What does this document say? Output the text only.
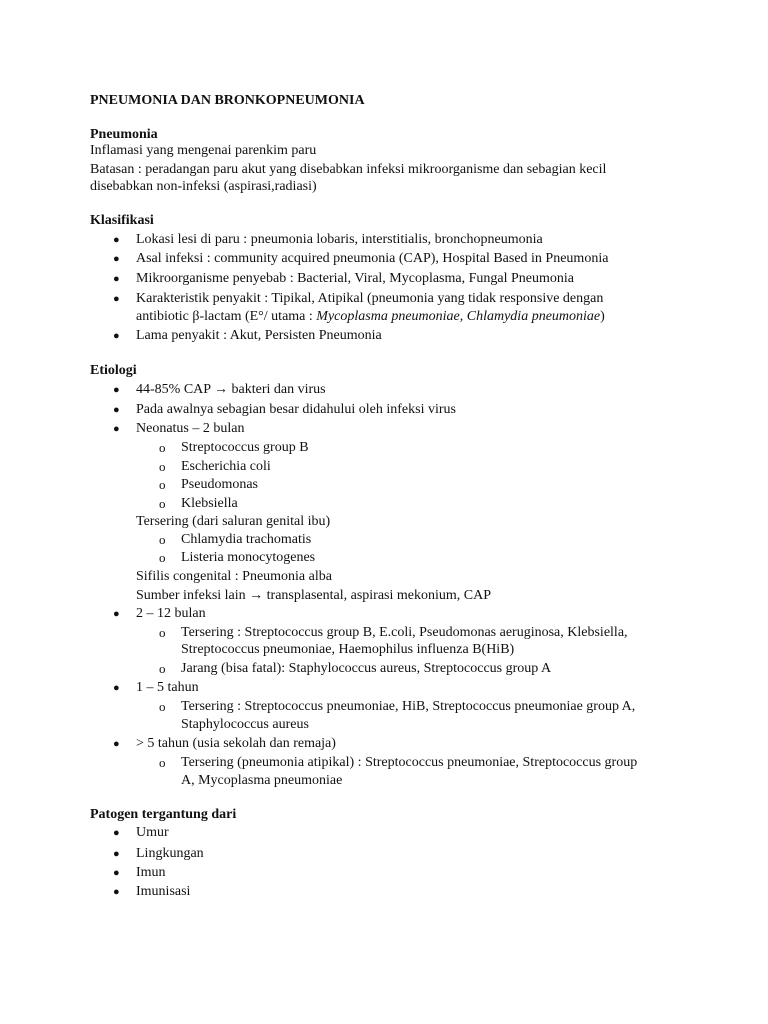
PNEUMONIA DAN BRONKOPNEUMONIA
Pneumonia
Inflamasi yang mengenai parenkim paru
Batasan : peradangan paru akut yang disebabkan infeksi mikroorganisme dan sebagian kecil
disebabkan non-infeksi (aspirasi,radiasi)
Klasifikasi
● Lokasi lesi di paru : pneumonia lobaris, interstitialis, bronchopneumonia
● Asal infeksi : community acquired pneumonia (CAP), Hospital Based in Pneumonia
● Mikroorganisme penyebab : Bacterial, Viral, Mycoplasma, Fungal Pneumonia
● Karakteristik penyakit : Tipikal, Atipikal (pneumonia yang tidak responsive dengan
antibiotic β-lactam (E°/ utama : Mycoplasma pneumoniae, Chlamydia pneumoniae)
● Lama penyakit : Akut, Persisten Pneumonia
Etiologi
● 44-85% CAP → bakteri dan virus
● Pada awalnya sebagian besar didahului oleh infeksi virus
● Neonatus – 2 bulan
o Streptococcus group B
o Escherichia coli
o Pseudomonas
o Klebsiella
Tersering (dari saluran genital ibu)
o Chlamydia trachomatis
o Listeria monocytogenes
Sifilis congenital : Pneumonia alba
Sumber infeksi lain → transplasental, aspirasi mekonium, CAP
● 2 – 12 bulan
o Tersering : Streptococcus group B, E.coli, Pseudomonas aeruginosa, Klebsiella,
Streptococcus pneumoniae, Haemophilus influenza B(HiB)
o Jarang (bisa fatal): Staphylococcus aureus, Streptococcus group A
● 1 – 5 tahun
o Tersering : Streptococcus pneumoniae, HiB, Streptococcus pneumoniae group A,
Staphylococcus aureus
● > 5 tahun (usia sekolah dan remaja)
o Tersering (pneumonia atipikal) : Streptococcus pneumoniae, Streptococcus group
A, Mycoplasma pneumoniae
Patogen tergantung dari
● Umur
● Lingkungan
● Imun
● Imunisasi
